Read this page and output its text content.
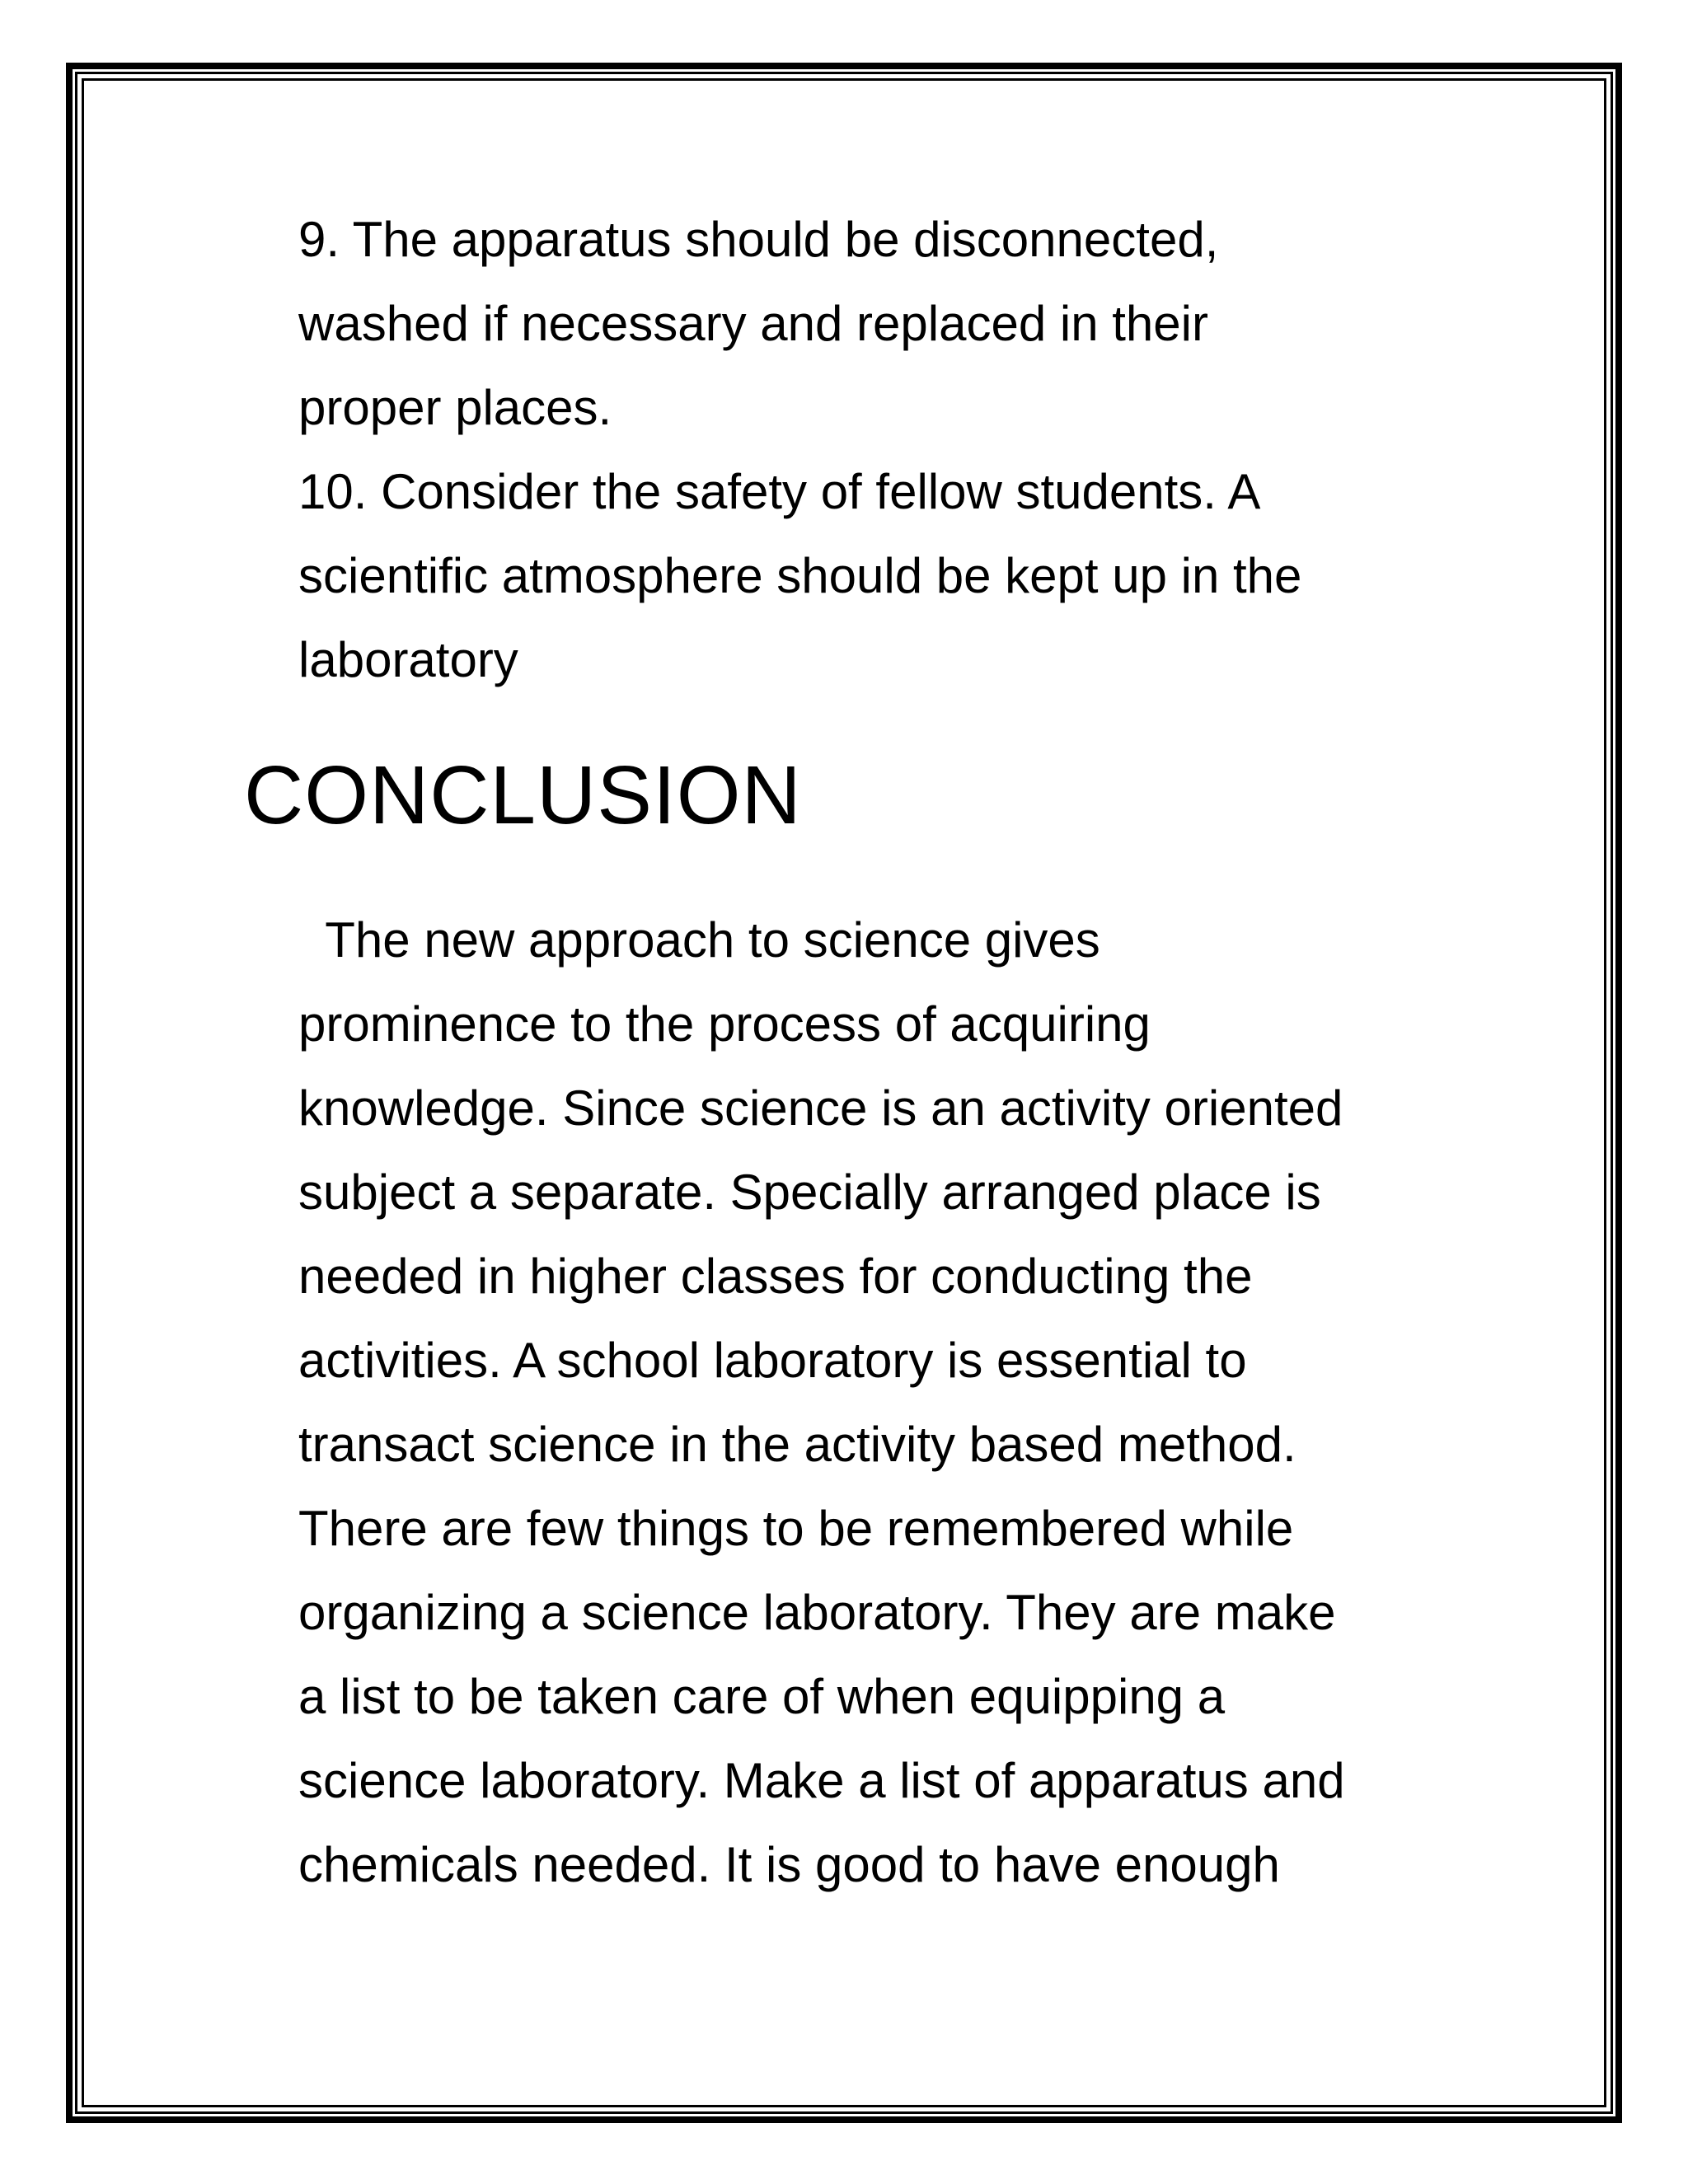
9. The apparatus should be disconnected,
washed if necessary and replaced in their
proper places.
10. Consider the safety of fellow students. A
scientific atmosphere should be kept up in the
laboratory
CONCLUSION
The new approach to science gives
prominence to the process of acquiring
knowledge. Since science is an activity oriented
subject a separate. Specially arranged place is
needed in higher classes for conducting the
activities. A school laboratory is essential to
transact science in the activity based method.
There are few things to be remembered while
organizing a science laboratory. They are make
a list to be taken care of when equipping a
science laboratory. Make a list of apparatus and
chemicals needed. It is good to have enough
